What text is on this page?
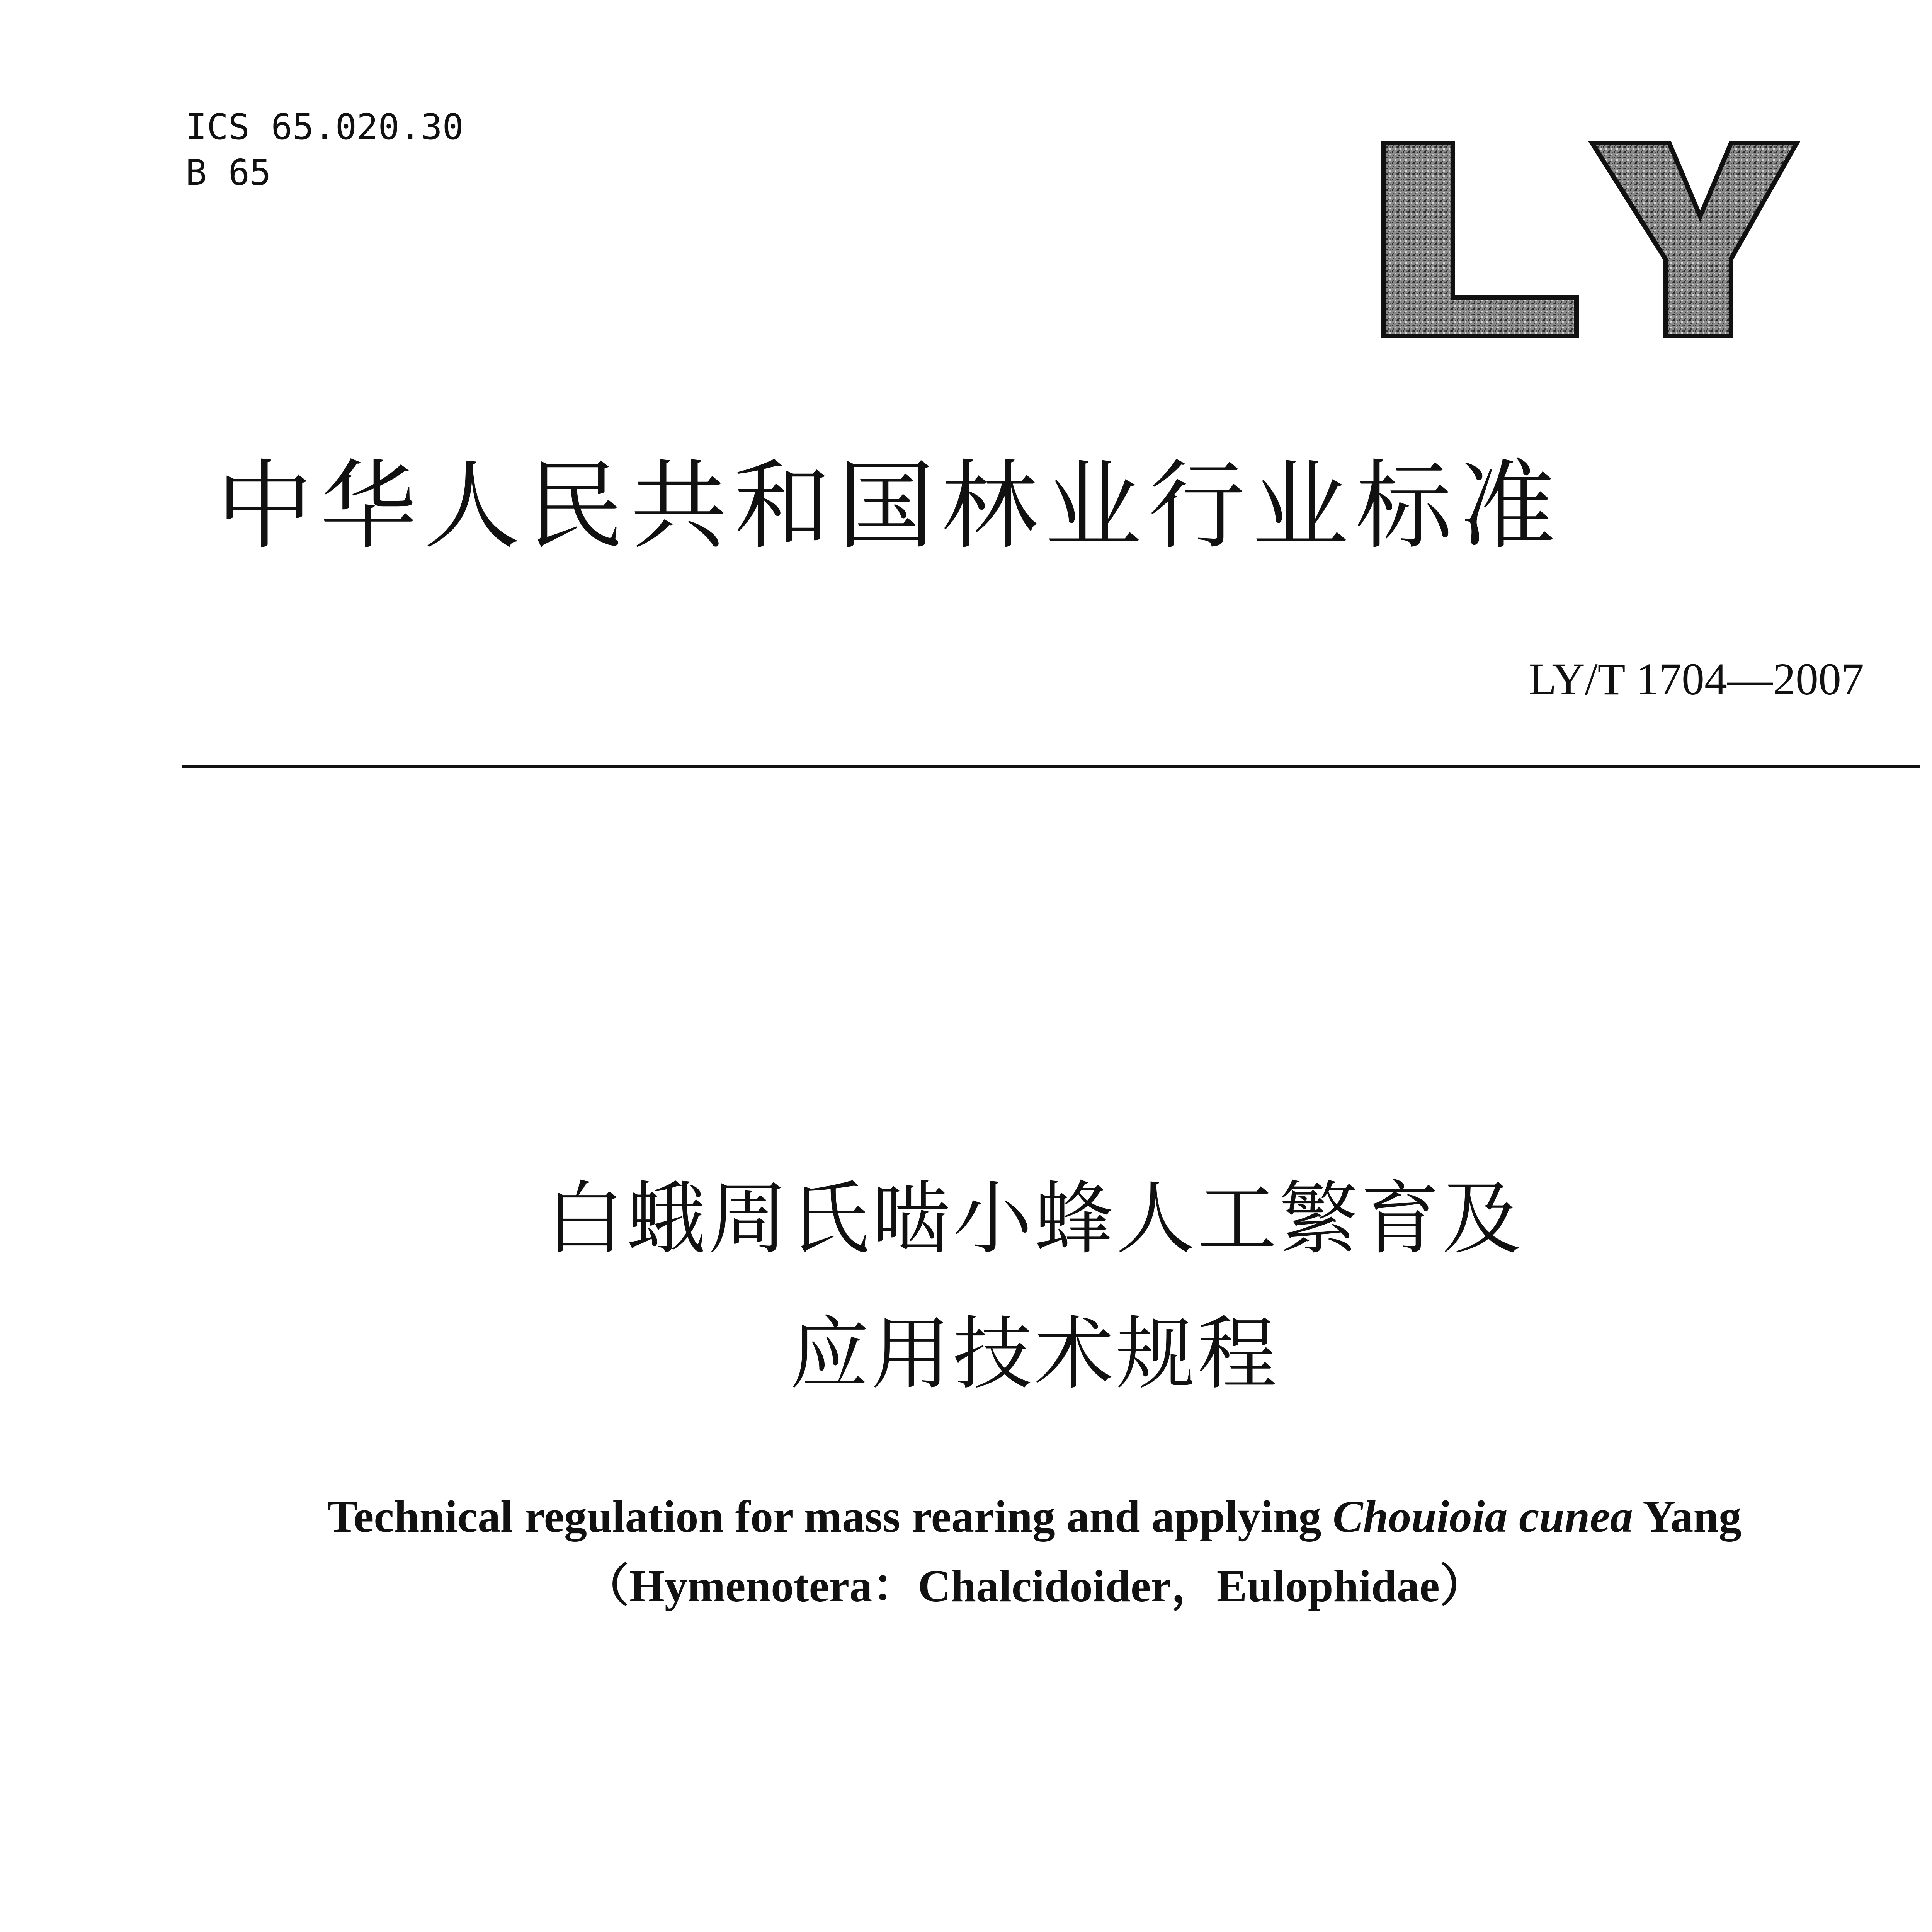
ICS 65.020.30
B 65
中华人民共和国林业行业标准
LY/T 1704—2007
白蛾周氏啮小蜂人工繁育及
应用技术规程
Technical regulation for mass rearing and applying Chouioia cunea Yang
（Hymenotera：Chalcidoider，Eulophidae）
